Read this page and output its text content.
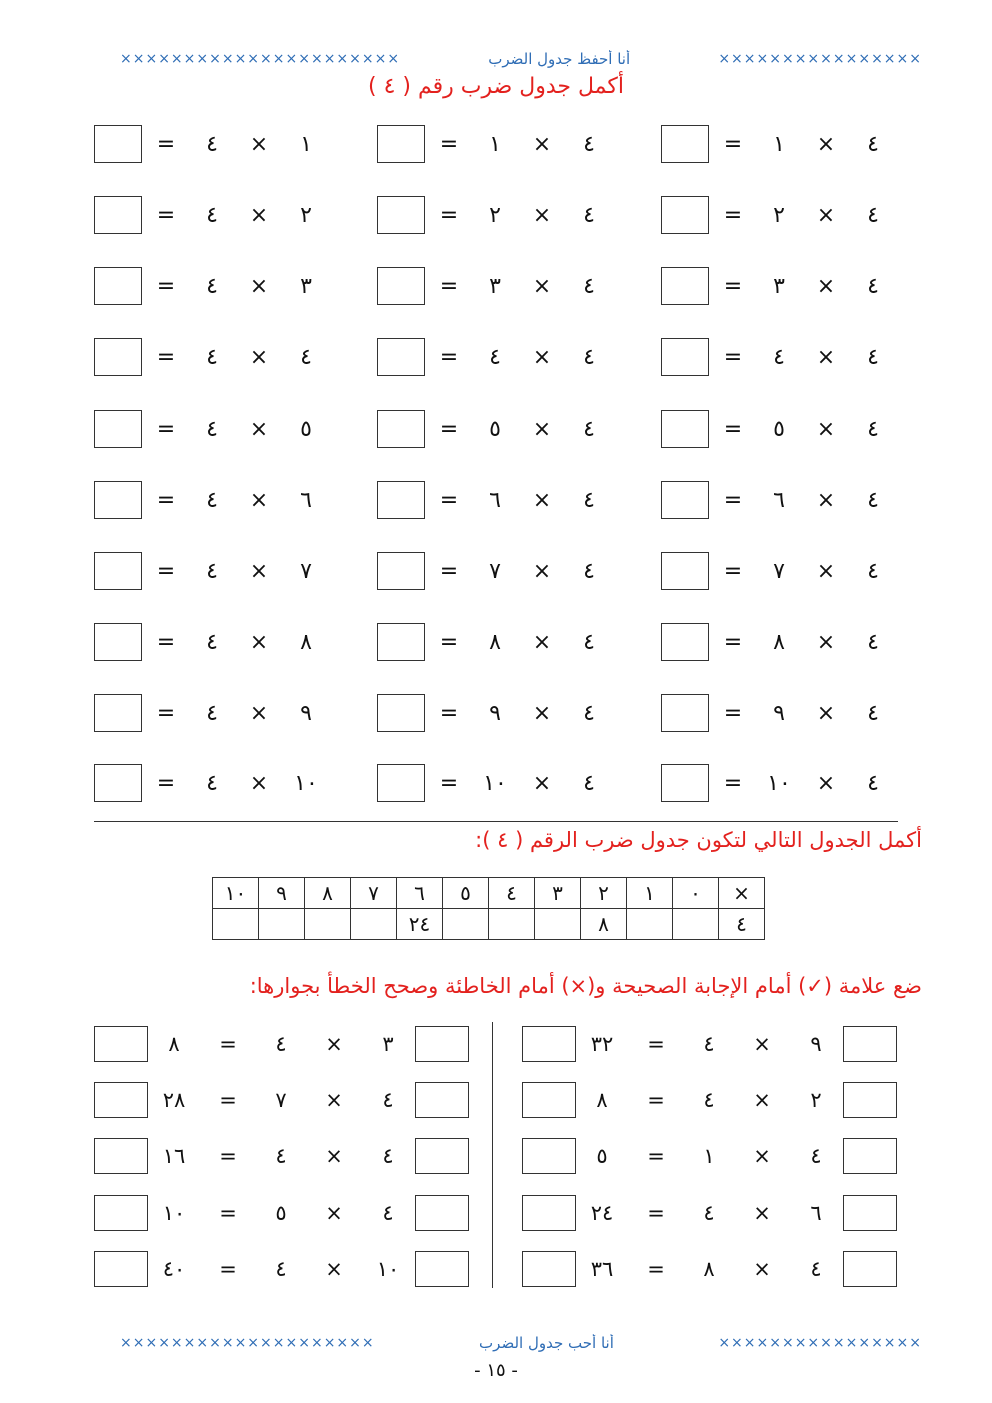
××××××××××××××××××××××	أنا أحفظ جدول الضرب	××××××××××××××××
أكمل جدول ضرب رقم ( ٤ )
=	١	×	٤
=	٢	×	٤
=	٣	×	٤
=	٤	×	٤
=	٥	×	٤
=	٦	×	٤
=	٧	×	٤
=	٨	×	٤
=	٩	×	٤
= ١٠ ×	٤
=	١	×	٤
=	٢	×	٤
=	٣	×	٤
=	٤	×	٤
=	٥	×	٤
=	٦	×	٤
=	٧	×	٤
=	٨	×	٤
=	٩	×	٤
= ١٠ ×	٤
=	٤	×	١
=	٤	×	٢
=	٤	×	٣
=	٤	×	٤
=	٤	×	٥
=	٤	×	٦
=	٤	×	٧
=	٤	×	٨
=	٤	×	٩
=	٤	× ١٠
أكمل الجدول التالي لتكون جدول ضرب الرقم ( ٤ ):
×	٠	١	٢	٣	٤	٥	٦	٧	٨	٩	١٠
٤			٨				٢٤				
ضع علامة (✓) أمام الإجابة الصحيحة و(×) أمام الخاطئة وصحح الخطأ بجوارها:
٣٢	=	٤	×	٩
٨	=	٤	×	٢
٥	=	١	×	٤
٢٤	=	٤	×	٦
٣٦	=	٨	×	٤
٨	=	٤	×	٣
٢٨	=	٧	×	٤
١٦	=	٤	×	٤
١٠	=	٥	×	٤
٤٠	=	٤	×	١٠
××××××××××××××××××××	أنا أحب جدول الضرب	××××××××××××××××
- ١٥ -
